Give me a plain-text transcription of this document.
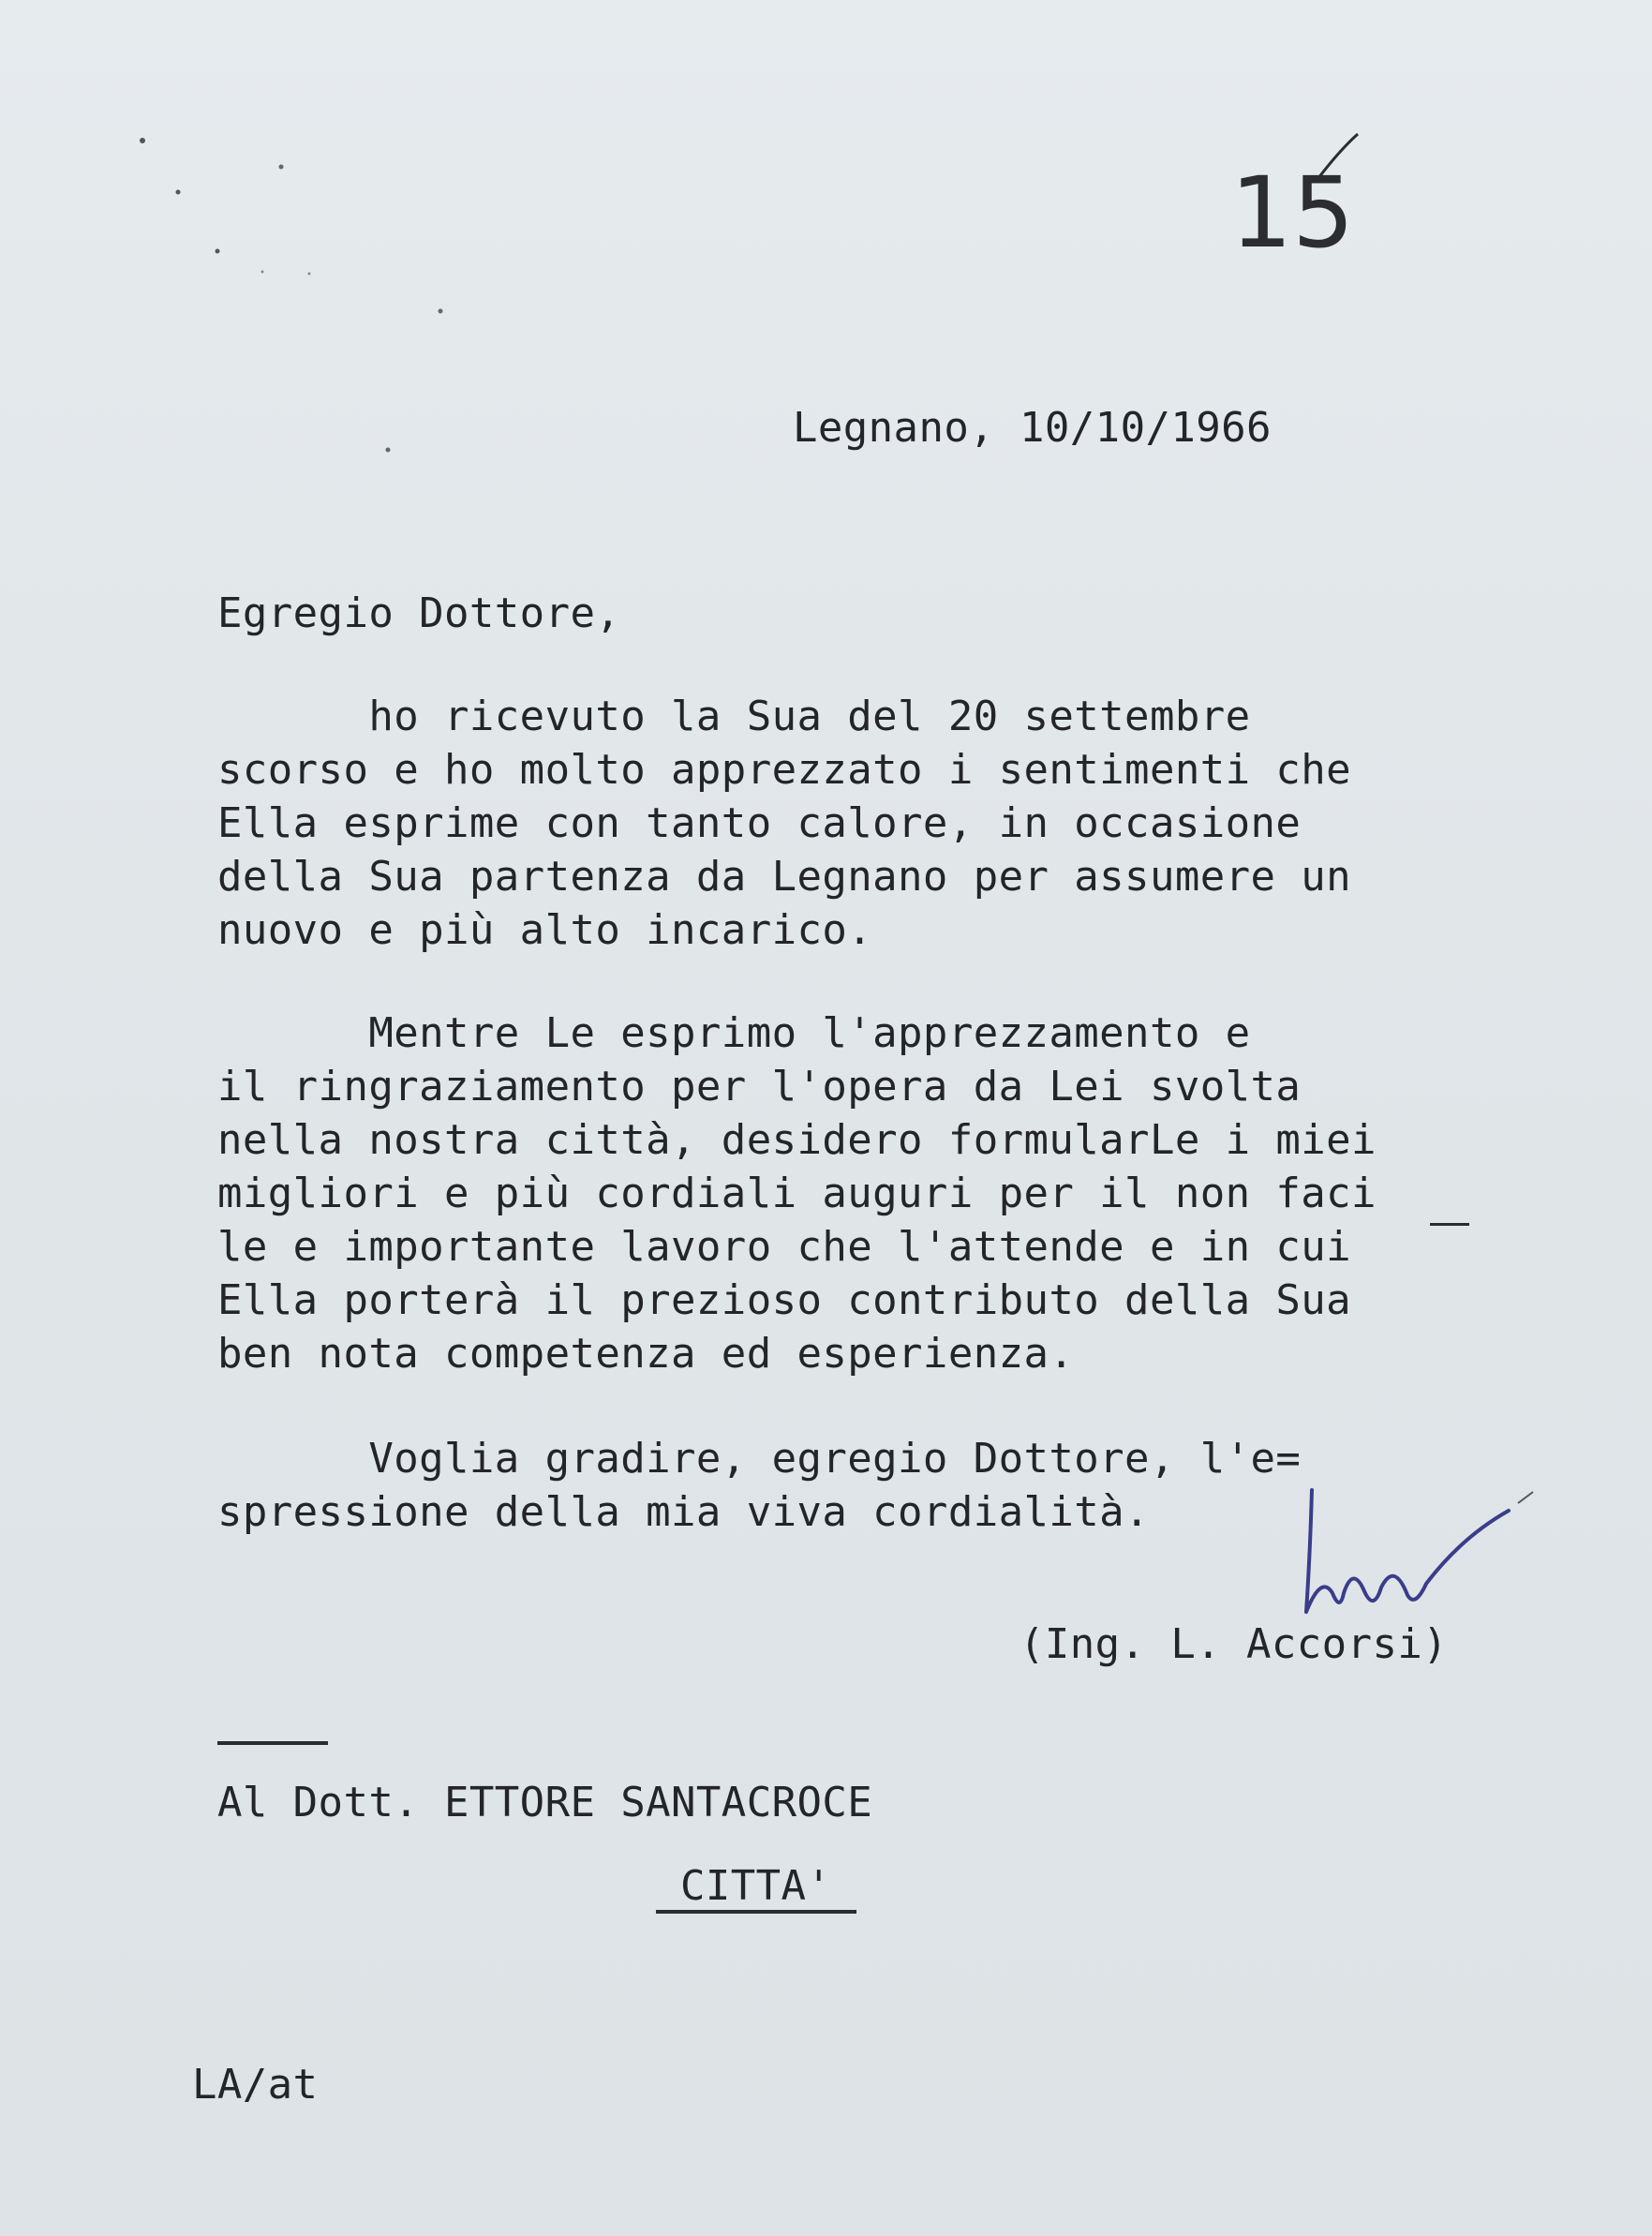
15

Legnano, 10/10/1966

Egregio Dottore,

ho ricevuto la Sua del 20 settembre
scorso e ho molto apprezzato i sentimenti che
Ella esprime con tanto calore, in occasione
della Sua partenza da Legnano per assumere un
nuovo e più alto incarico.

Mentre Le esprimo l'apprezzamento e
il ringraziamento per l'opera da Lei svolta
nella nostra città, desidero formularLe i miei
migliori e più cordiali auguri per il non faci
le e importante lavoro che l'attende e in cui
Ella porterà il prezioso contributo della Sua
ben nota competenza ed esperienza.

Voglia gradire, egregio Dottore, l'e=
spressione della mia viva cordialità.

(Ing. L. Accorsi)

Al Dott. ETTORE SANTACROCE

CITTA'

LA/at
